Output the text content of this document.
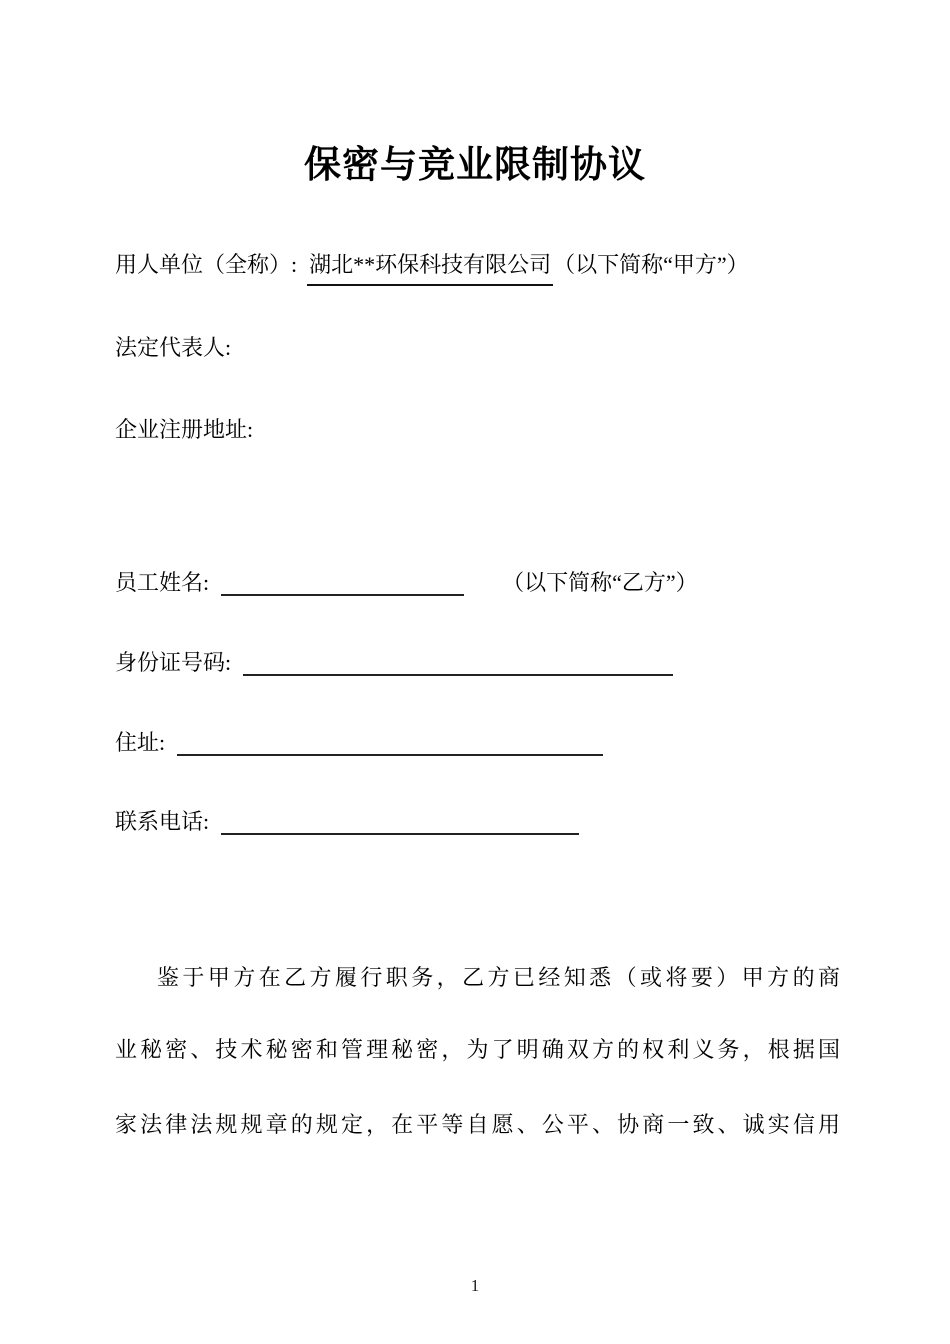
保密与竞业限制协议
用人单位（全称）: 湖北**环保科技有限公司（以下简称“甲方”）
法定代表人:
企业注册地址:
员工姓名:	（以下简称“乙方”）
身份证号码:
住址:
联系电话:
鉴于甲方在乙方履行职务，乙方已经知悉（或将要）甲方的商
业秘密、技术秘密和管理秘密，为了明确双方的权利义务，根据国
家法律法规规章的规定，在平等自愿、公平、协商一致、诚实信用
1
